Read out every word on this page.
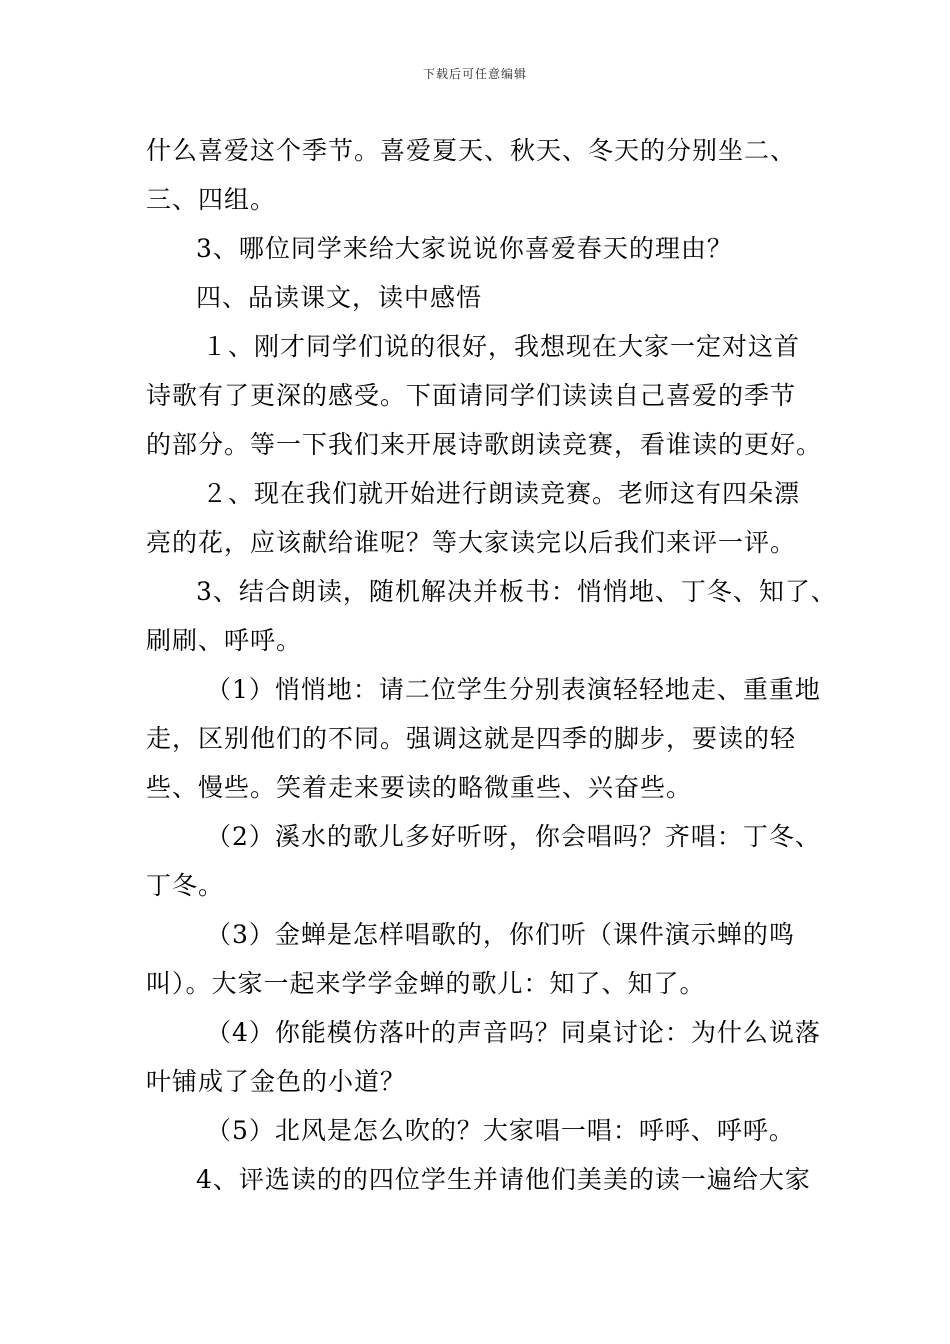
下载后可任意编辑
什么喜爱这个季节。喜爱夏天、秋天、冬天的分别坐二、
三、四组。
3、哪位同学来给大家说说你喜爱春天的理由？
四、品读课文，读中感悟
１、刚才同学们说的很好，我想现在大家一定对这首
诗歌有了更深的感受。下面请同学们读读自己喜爱的季节
的部分。等一下我们来开展诗歌朗读竞赛，看谁读的更好。
２、现在我们就开始进行朗读竞赛。老师这有四朵漂
亮的花，应该献给谁呢？等大家读完以后我们来评一评。
3、结合朗读，随机解决并板书：悄悄地、丁冬、知了、
刷刷、呼呼。
（1）悄悄地：请二位学生分别表演轻轻地走、重重地
走，区别他们的不同。强调这就是四季的脚步，要读的轻
些、慢些。笑着走来要读的略微重些、兴奋些。
（2）溪水的歌儿多好听呀，你会唱吗？齐唱：丁冬、
丁冬。
（3）金蝉是怎样唱歌的，你们听（课件演示蝉的鸣
叫）。大家一起来学学金蝉的歌儿：知了、知了。
（4）你能模仿落叶的声音吗？同桌讨论：为什么说落
叶铺成了金色的小道？
（5）北风是怎么吹的？大家唱一唱：呼呼、呼呼。
4、评选读的的四位学生并请他们美美的读一遍给大家
